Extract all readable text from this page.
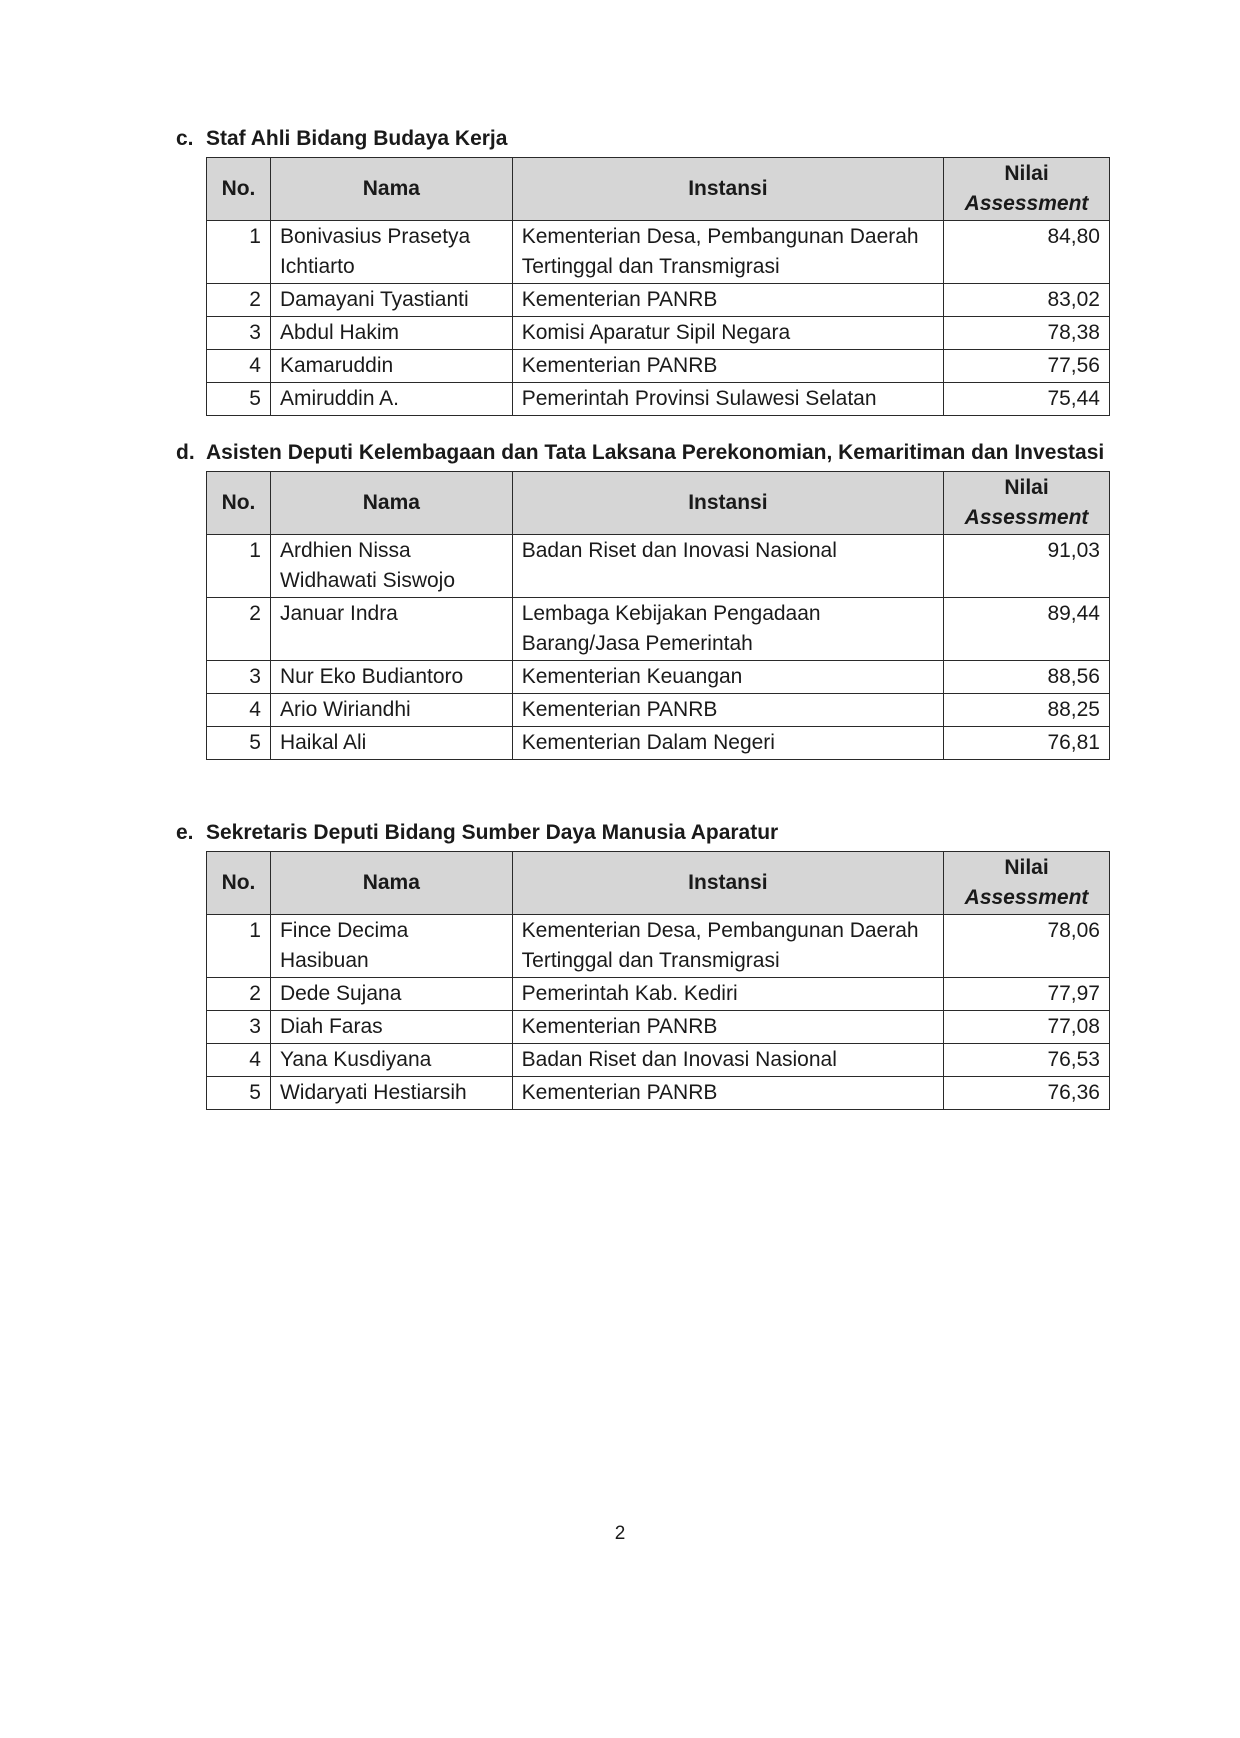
c. Staf Ahli Bidang Budaya Kerja
No.	Nama	Instansi	Nilai
Assessment

1	Bonivasius Prasetya Ichtiarto	Kementerian Desa, Pembangunan Daerah Tertinggal dan Transmigrasi	84,80
2	Damayani Tyastianti	Kementerian PANRB	83,02
3	Abdul Hakim	Komisi Aparatur Sipil Negara	78,38
4	Kamaruddin	Kementerian PANRB	77,56
5	Amiruddin A.	Pemerintah Provinsi Sulawesi Selatan	75,44
d. Asisten Deputi Kelembagaan dan Tata Laksana Perekonomian, Kemaritiman dan Investasi
No.	Nama	Instansi	Nilai
Assessment

1	Ardhien Nissa Widhawati Siswojo	Badan Riset dan Inovasi Nasional	91,03
2	Januar Indra	Lembaga Kebijakan Pengadaan Barang/Jasa Pemerintah	89,44
3	Nur Eko Budiantoro	Kementerian Keuangan	88,56
4	Ario Wiriandhi	Kementerian PANRB	88,25
5	Haikal Ali	Kementerian Dalam Negeri	76,81
e. Sekretaris Deputi Bidang Sumber Daya Manusia Aparatur
No.	Nama	Instansi	Nilai
Assessment

1	Fince Decima Hasibuan	Kementerian Desa, Pembangunan Daerah Tertinggal dan Transmigrasi	78,06
2	Dede Sujana	Pemerintah Kab. Kediri	77,97
3	Diah Faras	Kementerian PANRB	77,08
4	Yana Kusdiyana	Badan Riset dan Inovasi Nasional	76,53
5	Widaryati Hestiarsih	Kementerian PANRB	76,36
2
